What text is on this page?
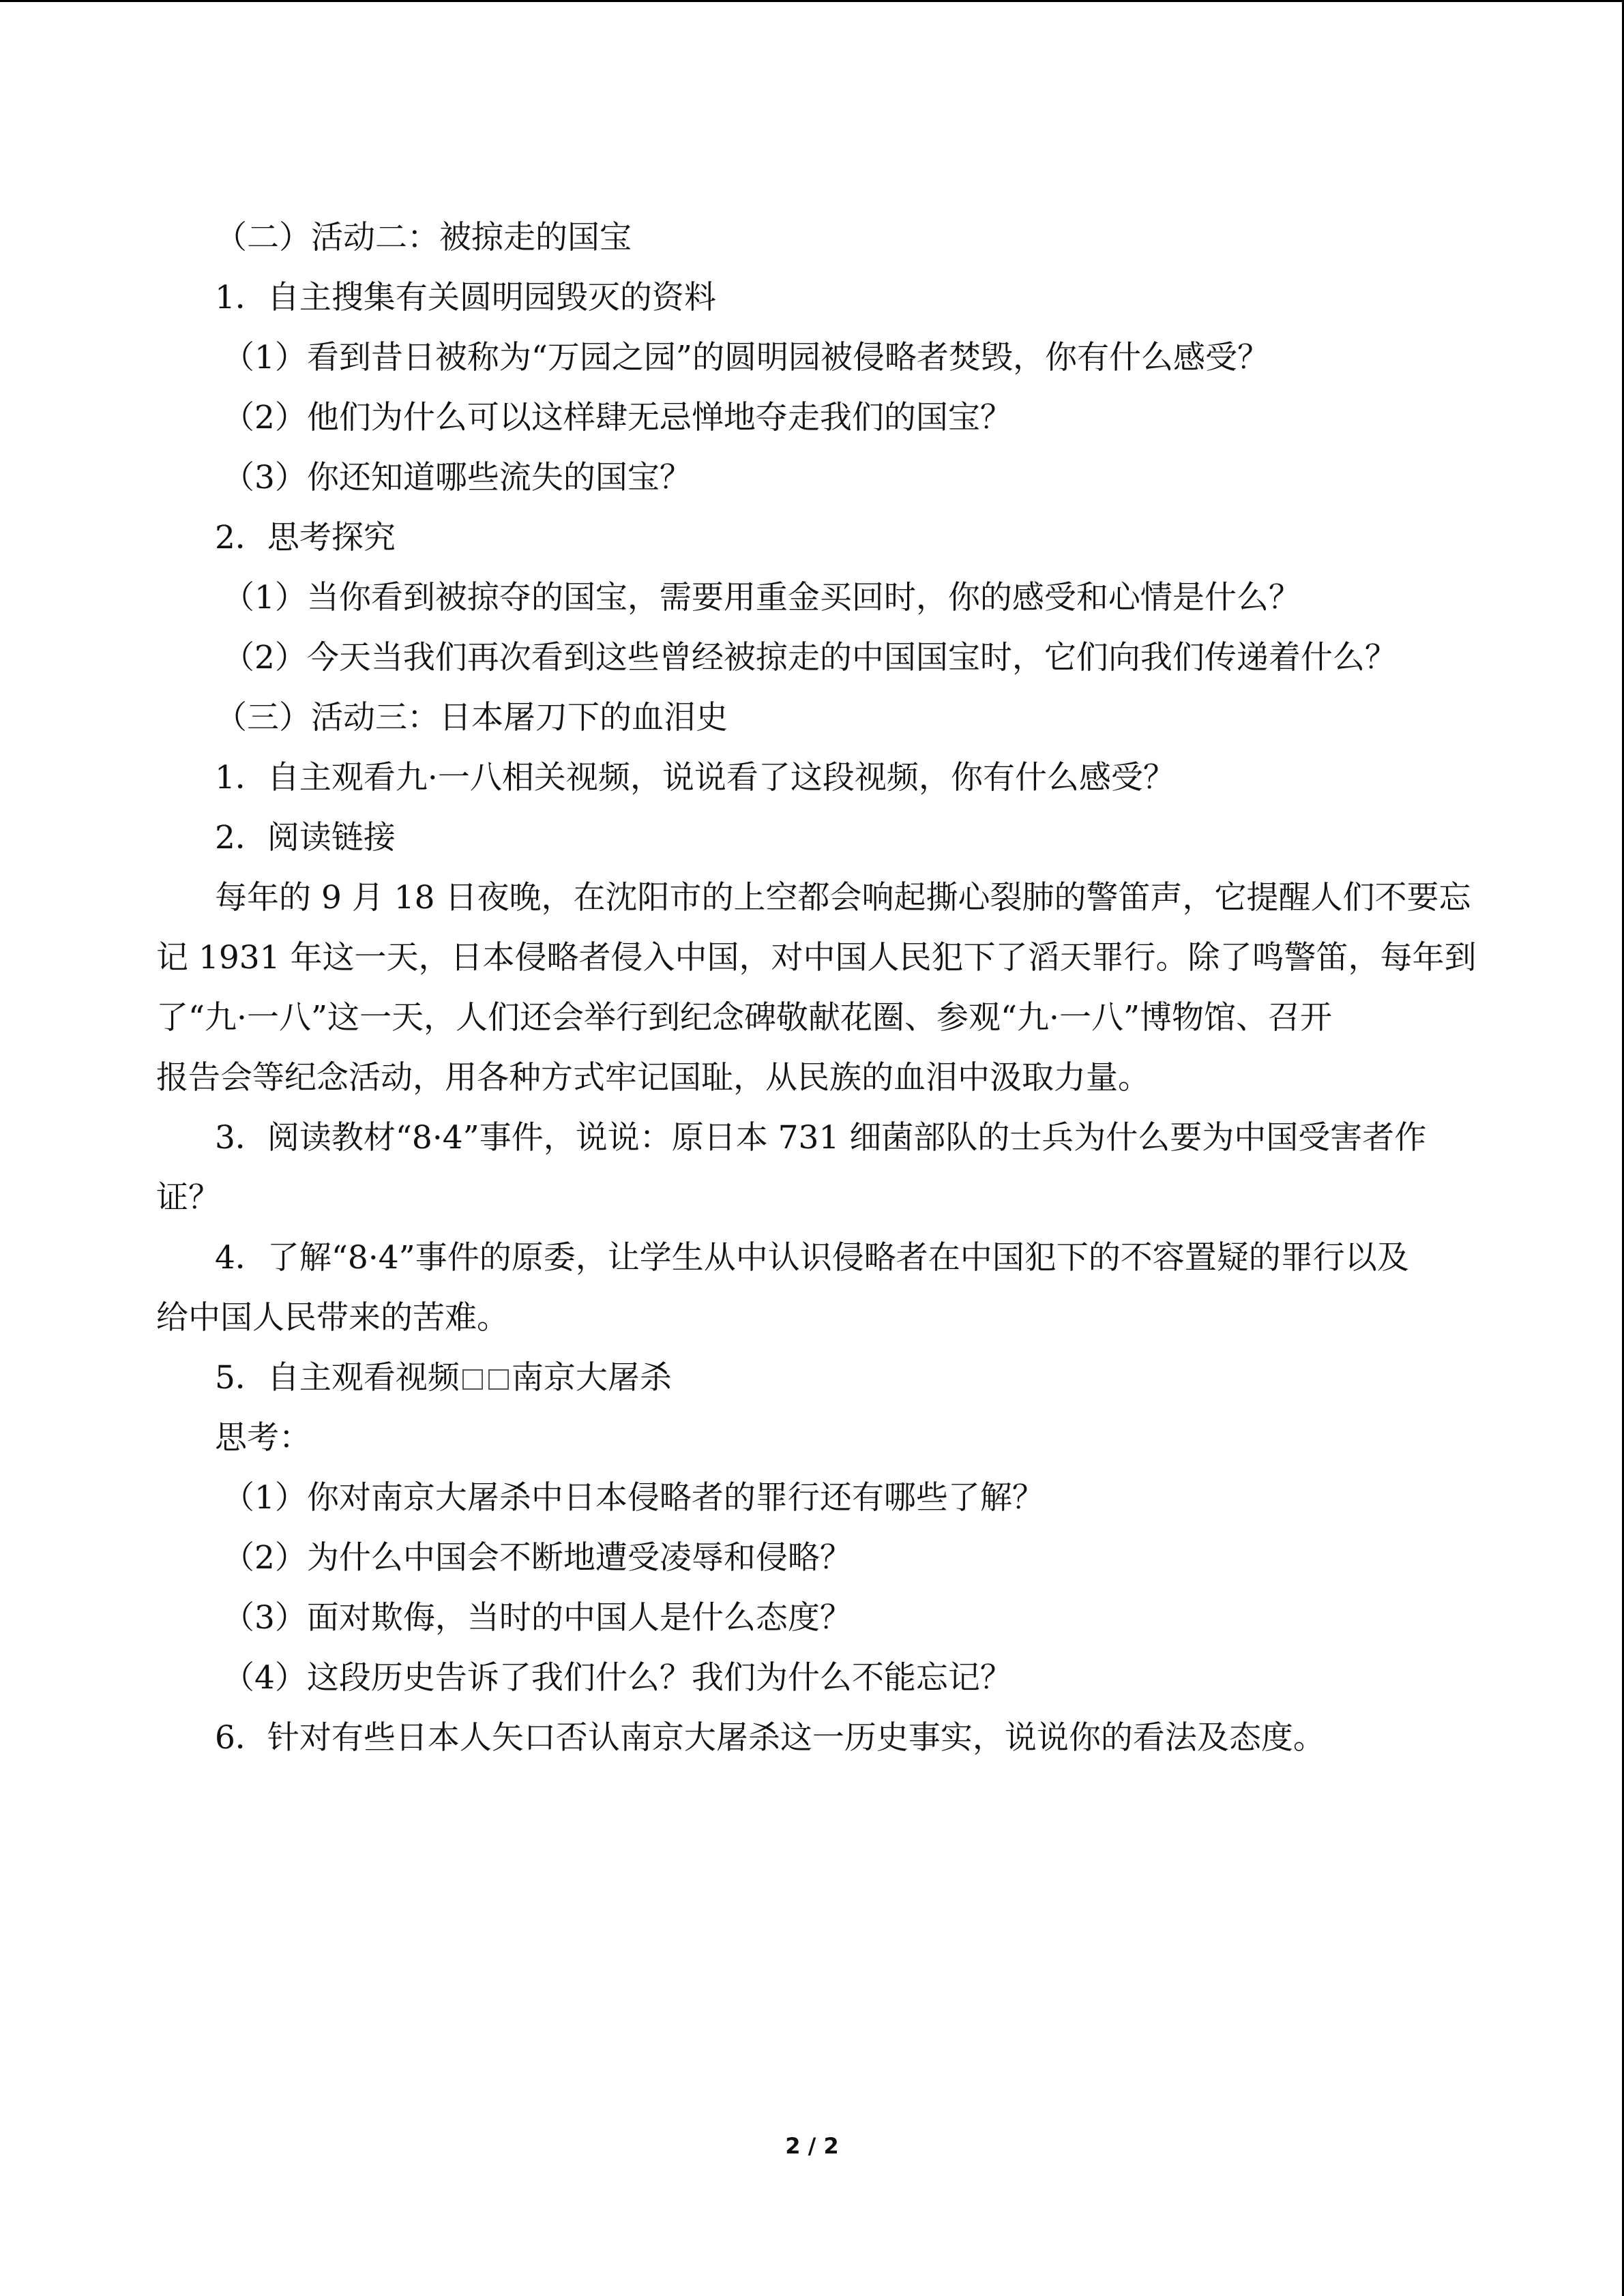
（二）活动二：被掠走的国宝
1．自主搜集有关圆明园毁灭的资料
（1）看到昔日被称为“万园之园”的圆明园被侵略者焚毁，你有什么感受？
（2）他们为什么可以这样肆无忌惮地夺走我们的国宝？
（3）你还知道哪些流失的国宝？
2．思考探究
（1）当你看到被掠夺的国宝，需要用重金买回时，你的感受和心情是什么？
（2）今天当我们再次看到这些曾经被掠走的中国国宝时，它们向我们传递着什么？
（三）活动三：日本屠刀下的血泪史
1．自主观看九·一八相关视频，说说看了这段视频，你有什么感受？
2．阅读链接
每年的 9 月 18 日夜晚，在沈阳市的上空都会响起撕心裂肺的警笛声，它提醒人们不要忘
记 1931 年这一天，日本侵略者侵入中国，对中国人民犯下了滔天罪行。除了鸣警笛，每年到
了“九·一八”这一天，人们还会举行到纪念碑敬献花圈、参观“九·一八”博物馆、召开
报告会等纪念活动，用各种方式牢记国耻，从民族的血泪中汲取力量。
3．阅读教材“8·4”事件，说说：原日本 731 细菌部队的士兵为什么要为中国受害者作
证？
4．了解“8·4”事件的原委，让学生从中认识侵略者在中国犯下的不容置疑的罪行以及
给中国人民带来的苦难。
5．自主观看视频 南京大屠杀
思考：
（1）你对南京大屠杀中日本侵略者的罪行还有哪些了解？
（2）为什么中国会不断地遭受凌辱和侵略？
（3）面对欺侮，当时的中国人是什么态度？
（4）这段历史告诉了我们什么？我们为什么不能忘记？
6．针对有些日本人矢口否认南京大屠杀这一历史事实，说说你的看法及态度。
2 / 2
